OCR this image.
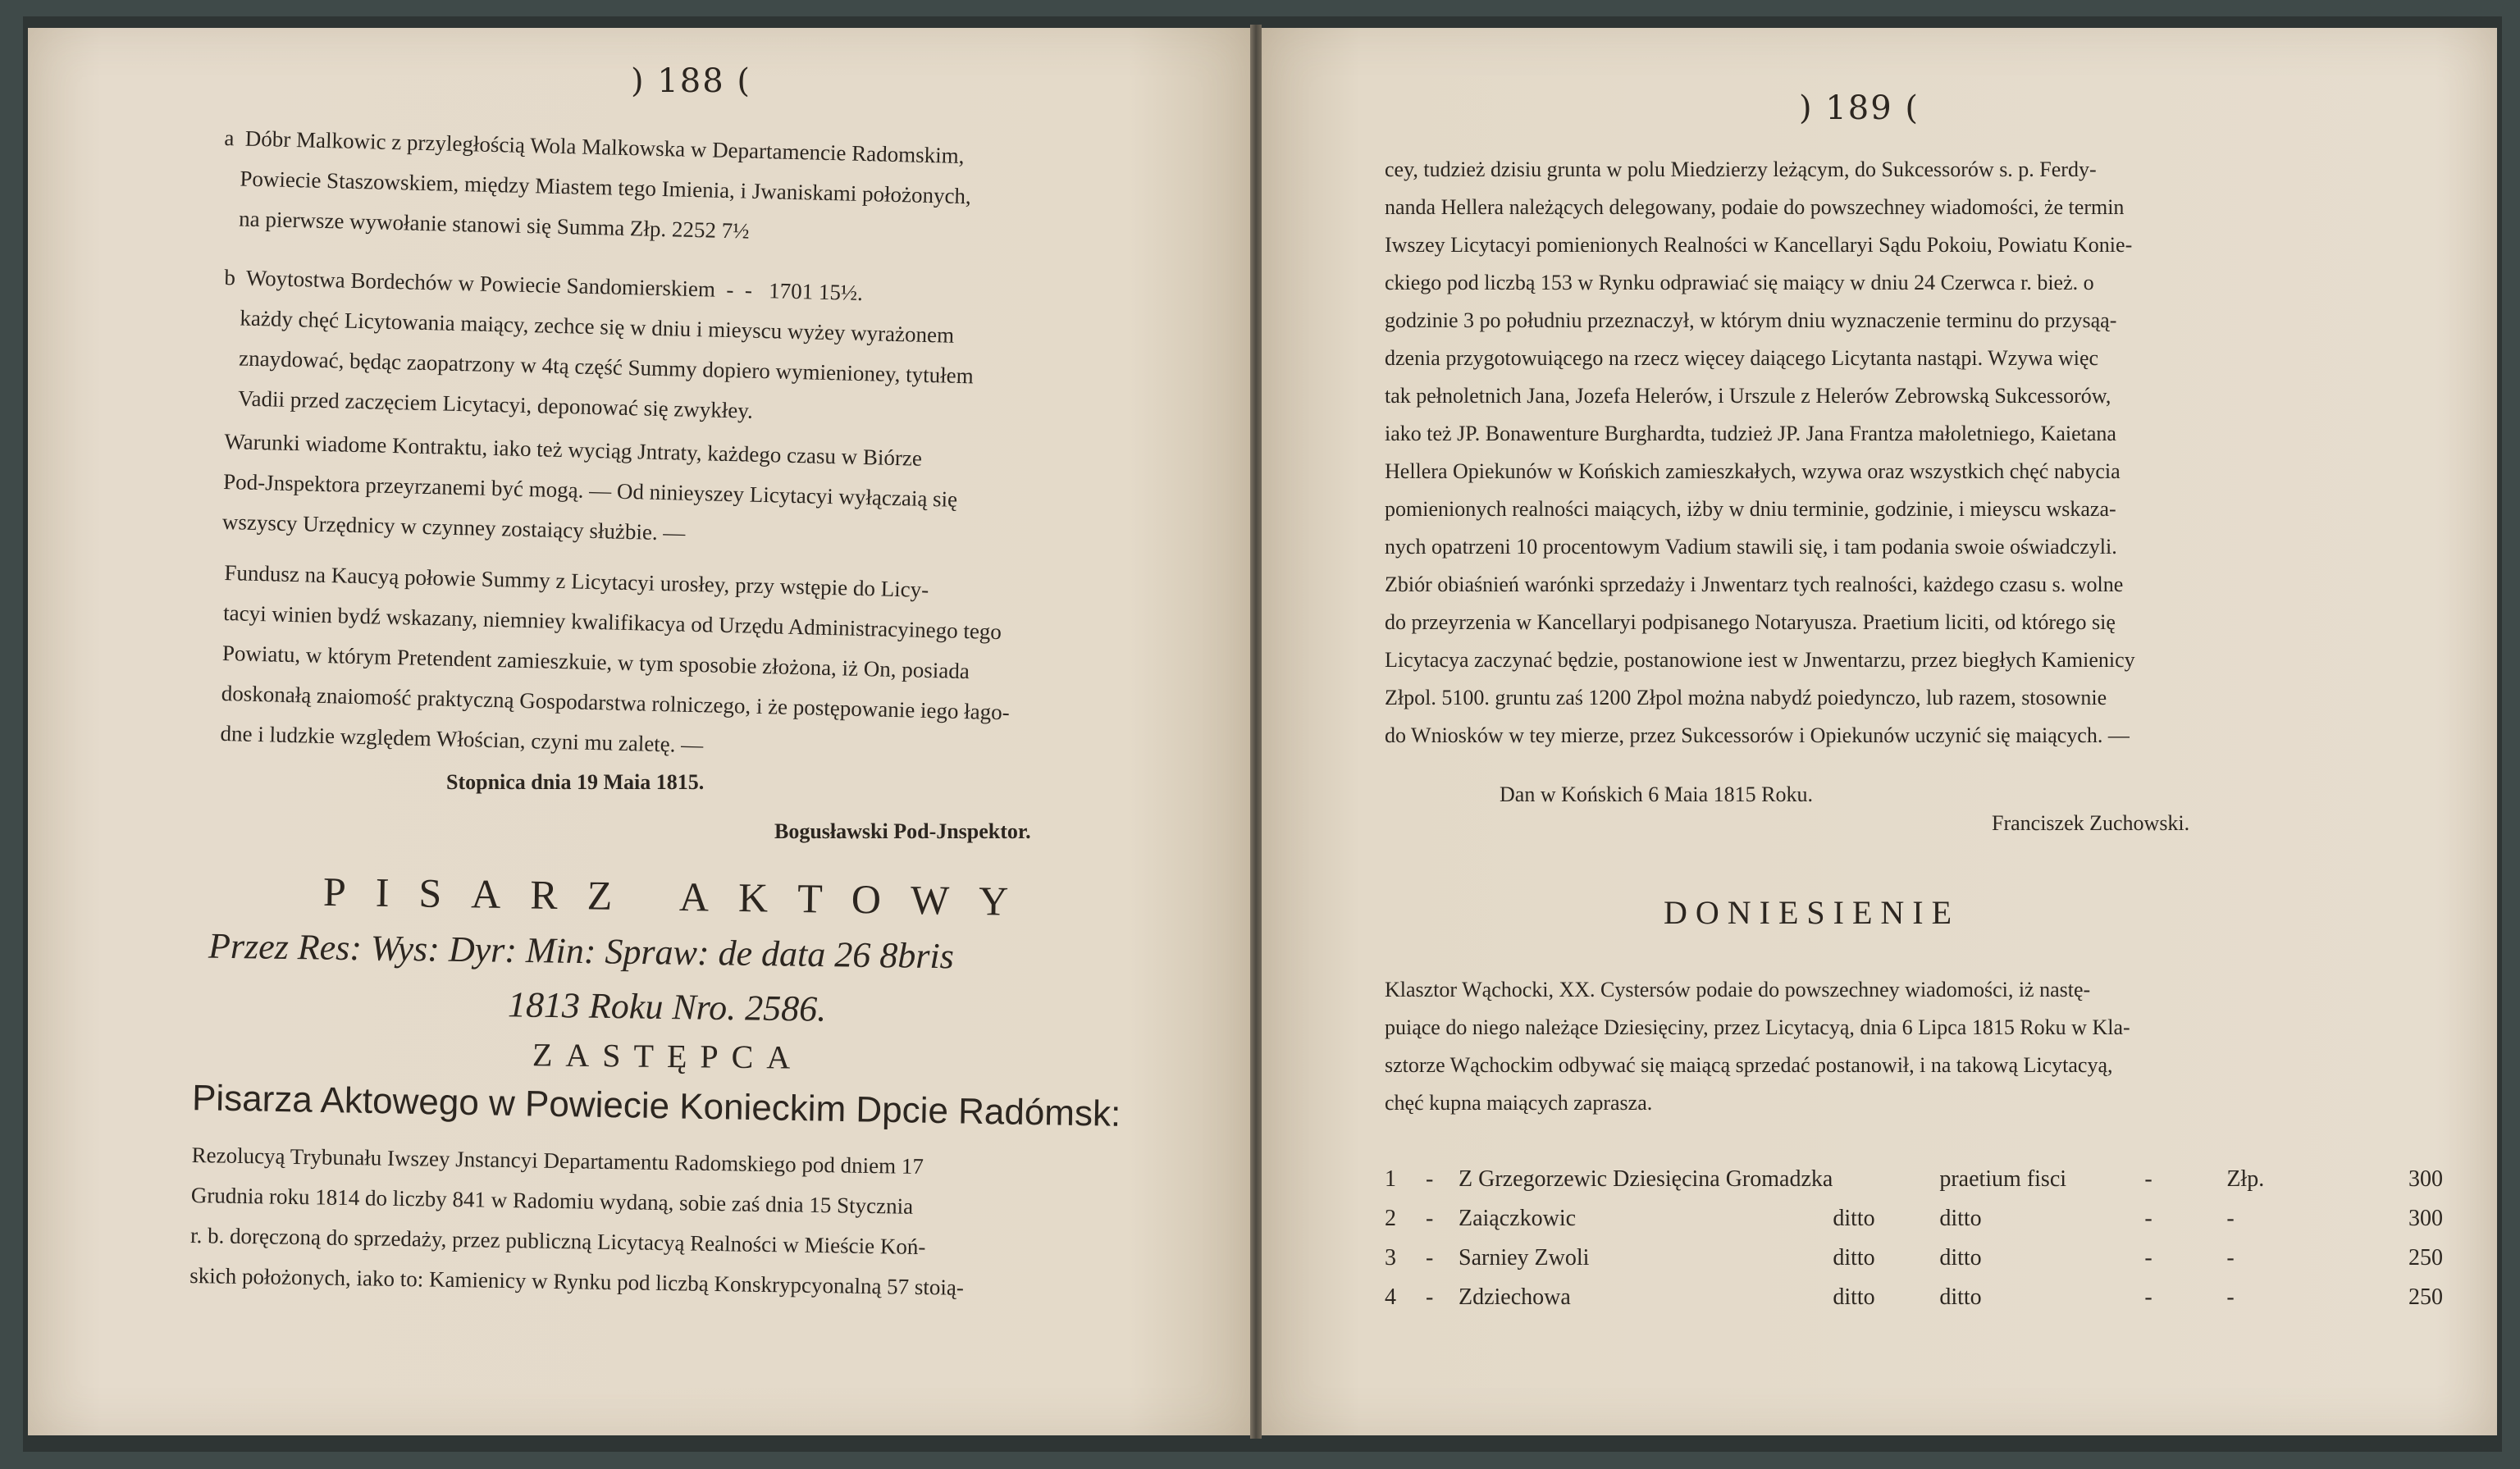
) 188 (
a  Dóbr Malkowic z przyległością Wola Malkowska w Departamencie Radomskim,
Powiecie Staszowskiem, między Miastem tego Imienia, i Jwaniskami położonych,
na pierwsze wywołanie stanowi się Summa Złp. 2252 7½
b  Woytostwa Bordechów w Powiecie Sandomierskiem  -  -   1701 15½.
każdy chęć Licytowania maiący, zechce się w dniu i mieyscu wyżey wyrażonem
znaydować, będąc zaopatrzony w 4tą część Summy dopiero wymienioney, tytułem
Vadii przed zaczęciem Licytacyi, deponować się zwykłey.
Warunki wiadome Kontraktu, iako też wyciąg Jntraty, każdego czasu w Biórze
Pod-Jnspektora przeyrzanemi być mogą. — Od niniey​szey Licytacyi wyłączaią się
wszyscy Urzędnicy w czynney zostaiący służbie. —
Fundusz na Kaucyą połowie Summy z Licytacyi urosłey, przy wstępie do Licy-
tacyi winien bydź wskazany, niemniey kwalifikacya od Urzędu Administracyinego tego
Powiatu, w którym Pretendent zamieszkuie, w tym sposobie złożona, iż On, posiada
doskonałą znaiomość praktyczną Gospodarstwa rolniczego, i że postępowanie iego łago-
dne i ludzkie względem Włościan, czyni mu zaletę. —
Stopnica dnia 19 Maia 1815.
Bogusławski Pod-Jnspektor.
PISARZ AKTOWY
Przez Res: Wys: Dyr: Min: Spraw: de data 26 8bris
1813 Roku Nro. 2586.
ZASTĘPCA
Pisarza Aktowego w Powiecie Konieckim Dpcie Radómsk:
Rezolucyą Trybunału Iwszey Jnstancyi Departamentu Radomskiego pod dniem 17
Grudnia roku 1814 do liczby 841 w Radomiu wydaną, sobie zaś dnia 15 Stycznia
r. b. doręczoną do sprzedaży, przez publiczną Licytacyą Realności w Mieście Koń-
skich położonych, iako to: Kamienicy w Rynku pod liczbą Konskrypcyonalną 57 stoią-
) 189 (
cey, tudzież dzisiu grunta w polu Miedzierzy leżącym, do Sukcessorów s. p. Ferdy-
nanda Hellera należących delegowany, podaie do powszechney wiadomości, że termin
Iwszey Licytacyi pomienionych Realności w Kancellaryi Sądu Pokoiu, Powiatu Konie-
ckiego pod liczbą 153 w Rynku odprawiać się maiący w dniu 24 Czerwca r. bież. o
godzinie 3 po południu przeznaczył, w którym dniu wyznaczenie terminu do przysąą-
dzenia przygotowuiącego na rzecz więcey daiącego Licytanta nastąpi. Wzywa więc
tak pełnoletnich Jana, Jozefa Helerów, i Urszule z Helerów Zebrowską Sukcessorów,
iako też JP. Bonawenture Burghardta, tudzież JP. Jana Frantza małoletniego, Kaietana
Hellera Opiekunów w Końskich zamieszkałych, wzywa oraz wszystkich chęć nabycia
pomienionych realności maiących, iżby w dniu terminie, godzinie, i mieyscu wskaza-
nych opatrzeni 10 procentowym Vadium stawili się, i tam podania swoie oświadczyli.
Zbiór obiaśnień warónki sprzedaży i Jnwentarz tych realności, każdego czasu s. wolne
do przeyrzenia w Kancellaryi podpisanego Notaryusza. Praetium liciti, od którego się
Licytacya zaczynać będzie, postanowione iest w Jnwentarzu, przez biegłych Kamienicy
Złpol. 5100. gruntu zaś 1200 Złpol można nabydź poiedynczo, lub razem, stosownie
do Wniosków w tey mierze, przez Sukcessorów i Opiekunów uczynić się maiących. —
Dan w Końskich 6 Maia 1815 Roku.
Franciszek Zuchowski.
DONIESIENIE
Klasztor Wąchocki, XX. Cystersów podaie do powszechney wiadomości, iż nastę-
puiące do niego należące Dziesięciny, przez Licytacyą, dnia 6 Lipca 1815 Roku w Kla-
sztorze Wąchockim odbywać się maiącą sprzedać postanowił, i na takową Licytacyą,
chęć kupna maiących zaprasza.
1	-	Z Grzegorzewic Dziesięcina Gromadzka		praetium fisci	-	Złp.	300
2	-	Zaiączkowic	ditto	ditto	-	-	300
3	-	Sarniey Zwoli	ditto	ditto	-	-	250
4	-	Zdziechowa	ditto	ditto	-	-	250
